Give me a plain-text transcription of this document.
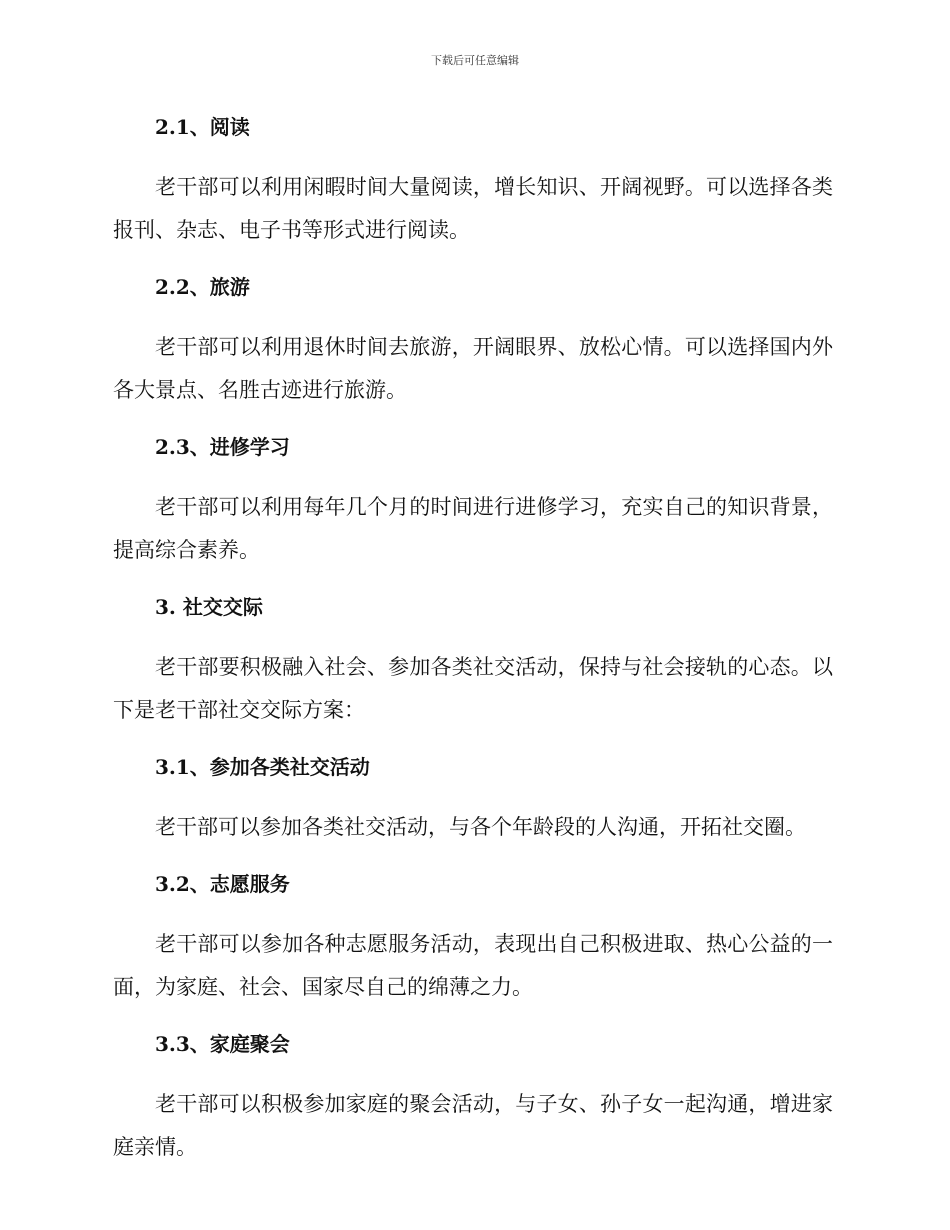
下载后可任意编辑
2.1、阅读

老干部可以利用闲暇时间大量阅读，增长知识、开阔视野。可以选择各类报刊、杂志、电子书等形式进行阅读。

2.2、旅游

老干部可以利用退休时间去旅游，开阔眼界、放松心情。可以选择国内外各大景点、名胜古迹进行旅游。

2.3、进修学习

老干部可以利用每年几个月的时间进行进修学习，充实自己的知识背景，提高综合素养。

3. 社交交际

老干部要积极融入社会、参加各类社交活动，保持与社会接轨的心态。以下是老干部社交交际方案：

3.1、参加各类社交活动

老干部可以参加各类社交活动，与各个年龄段的人沟通，开拓社交圈。

3.2、志愿服务

老干部可以参加各种志愿服务活动，表现出自己积极进取、热心公益的一面，为家庭、社会、国家尽自己的绵薄之力。

3.3、家庭聚会

老干部可以积极参加家庭的聚会活动，与子女、孙子女一起沟通，增进家庭亲情。
